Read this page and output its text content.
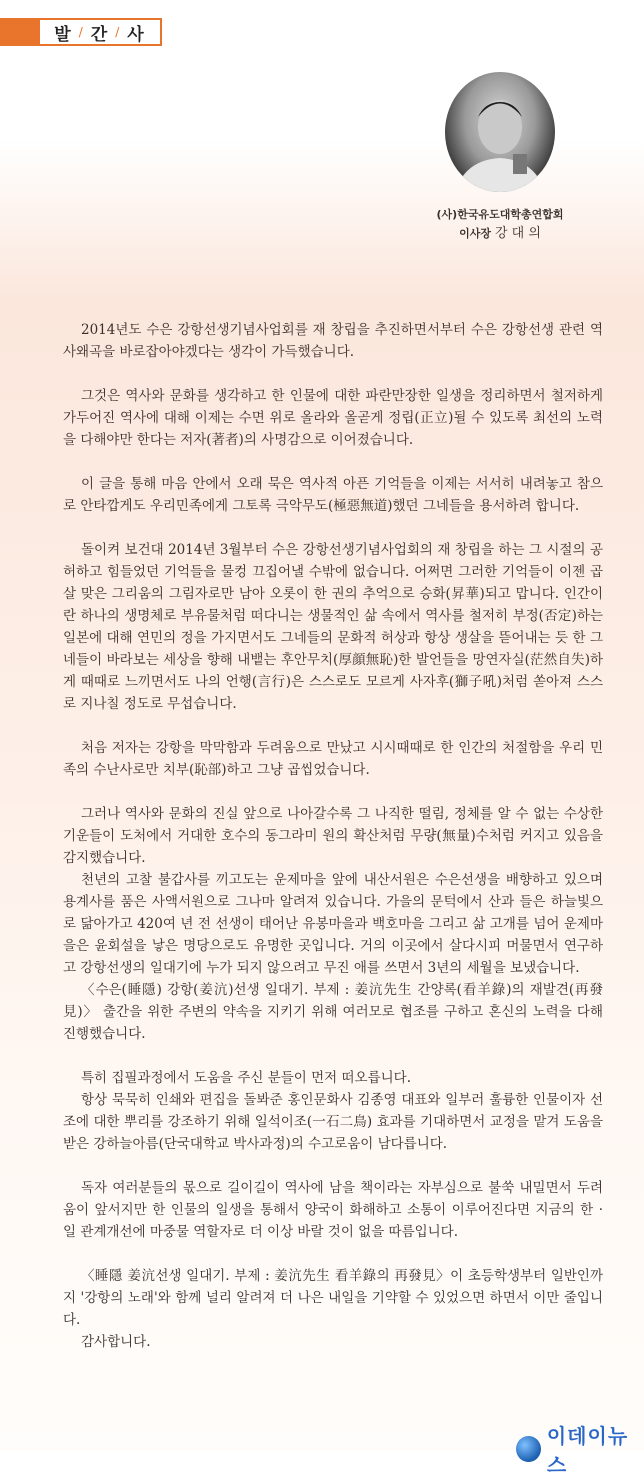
발 / 간 / 사
(사)한국유도대학총연합회
이사장 강 대 의

2014년도 수은 강항선생기념사업회를 재 창립을 추진하면서부터 수은 강항선생 관련 역사왜곡을 바로잡아야겠다는 생각이 가득했습니다.

그것은 역사와 문화를 생각하고 한 인물에 대한 파란만장한 일생을 정리하면서 철저하게 가두어진 역사에 대해 이제는 수면 위로 올라와 올곧게 정립(正立)될 수 있도록 최선의 노력을 다해야만 한다는 저자(著者)의 사명감으로 이어졌습니다.

이 글을 통해 마음 안에서 오래 묵은 역사적 아픈 기억들을 이제는 서서히 내려놓고 참으로 안타깝게도 우리민족에게 그토록 극악무도(極惡無道)했던 그네들을 용서하려 합니다.

돌이켜 보건대 2014년 3월부터 수은 강항선생기념사업회의 재 창립을 하는 그 시절의 공허하고 힘들었던 기억들을 물컹 끄집어낼 수밖에 없습니다. 어쩌면 그러한 기억들이 이젠 곱살 맞은 그리움의 그림자로만 남아 오롯이 한 권의 추억으로 승화(昇華)되고 맙니다. 인간이란 하나의 생명체로 부유물처럼 떠다니는 생물적인 삶 속에서 역사를 철저히 부정(否定)하는 일본에 대해 연민의 정을 가지면서도 그네들의 문화적 허상과 항상 생살을 뜯어내는 듯 한 그네들이 바라보는 세상을 향해 내뱉는 후안무치(厚顔無恥)한 발언들을 망연자실(茫然自失)하게 때때로 느끼면서도 나의 언행(言行)은 스스로도 모르게 사자후(獅子吼)처럼 쏟아져 스스로 지나칠 정도로 무섭습니다.

처음 저자는 강항을 막막함과 두려움으로 만났고 시시때때로 한 인간의 처절함을 우리 민족의 수난사로만 치부(恥部)하고 그냥 곱씹었습니다.

그러나 역사와 문화의 진실 앞으로 나아갈수록 그 나직한 떨림, 정체를 알 수 없는 수상한 기운들이 도처에서 거대한 호수의 동그라미 원의 확산처럼 무량(無量)수처럼 커지고 있음을 감지했습니다.

천년의 고찰 불갑사를 끼고도는 운제마을 앞에 내산서원은 수은선생을 배향하고 있으며 용계사를 품은 사액서원으로 그나마 알려져 있습니다. 가을의 문턱에서 산과 들은 하늘빛으로 닮아가고 420여 년 전 선생이 태어난 유봉마을과 백호마을 그리고 삶 고개를 넘어 운제마을은 윤회설을 낳은 명당으로도 유명한 곳입니다. 거의 이곳에서 살다시피 머물면서 연구하고 강항선생의 일대기에 누가 되지 않으려고 무진 애를 쓰면서 3년의 세월을 보냈습니다.

〈수은(睡隱) 강항(姜沆)선생 일대기. 부제 : 姜沆先生 간양록(看羊錄)의 재발견(再發見)〉 출간을 위한 주변의 약속을 지키기 위해 여러모로 협조를 구하고 혼신의 노력을 다해 진행했습니다.

특히 집필과정에서 도움을 주신 분들이 먼저 떠오릅니다.

항상 묵묵히 인쇄와 편집을 돌봐준 홍인문화사 김종영 대표와 일부러 훌륭한 인물이자 선조에 대한 뿌리를 강조하기 위해 일석이조(一石二鳥) 효과를 기대하면서 교정을 맡겨 도움을 받은 강하늘아름(단국대학교 박사과정)의 수고로움이 남다릅니다.

독자 여러분들의 몫으로 길이길이 역사에 남을 책이라는 자부심으로 불쑥 내밀면서 두려움이 앞서지만 한 인물의 일생을 통해서 양국이 화해하고 소통이 이루어진다면 지금의 한 · 일 관계개선에 마중물 역할자로 더 이상 바랄 것이 없을 따름입니다.

〈睡隱 姜沆선생 일대기. 부제 : 姜沆先生 看羊錄의 再發見〉이 초등학생부터 일반인까지 '강항의 노래'와 함께 널리 알려져 더 나은 내일을 기약할 수 있었으면 하면서 이만 줄입니다.

감사합니다.

이데이뉴스
